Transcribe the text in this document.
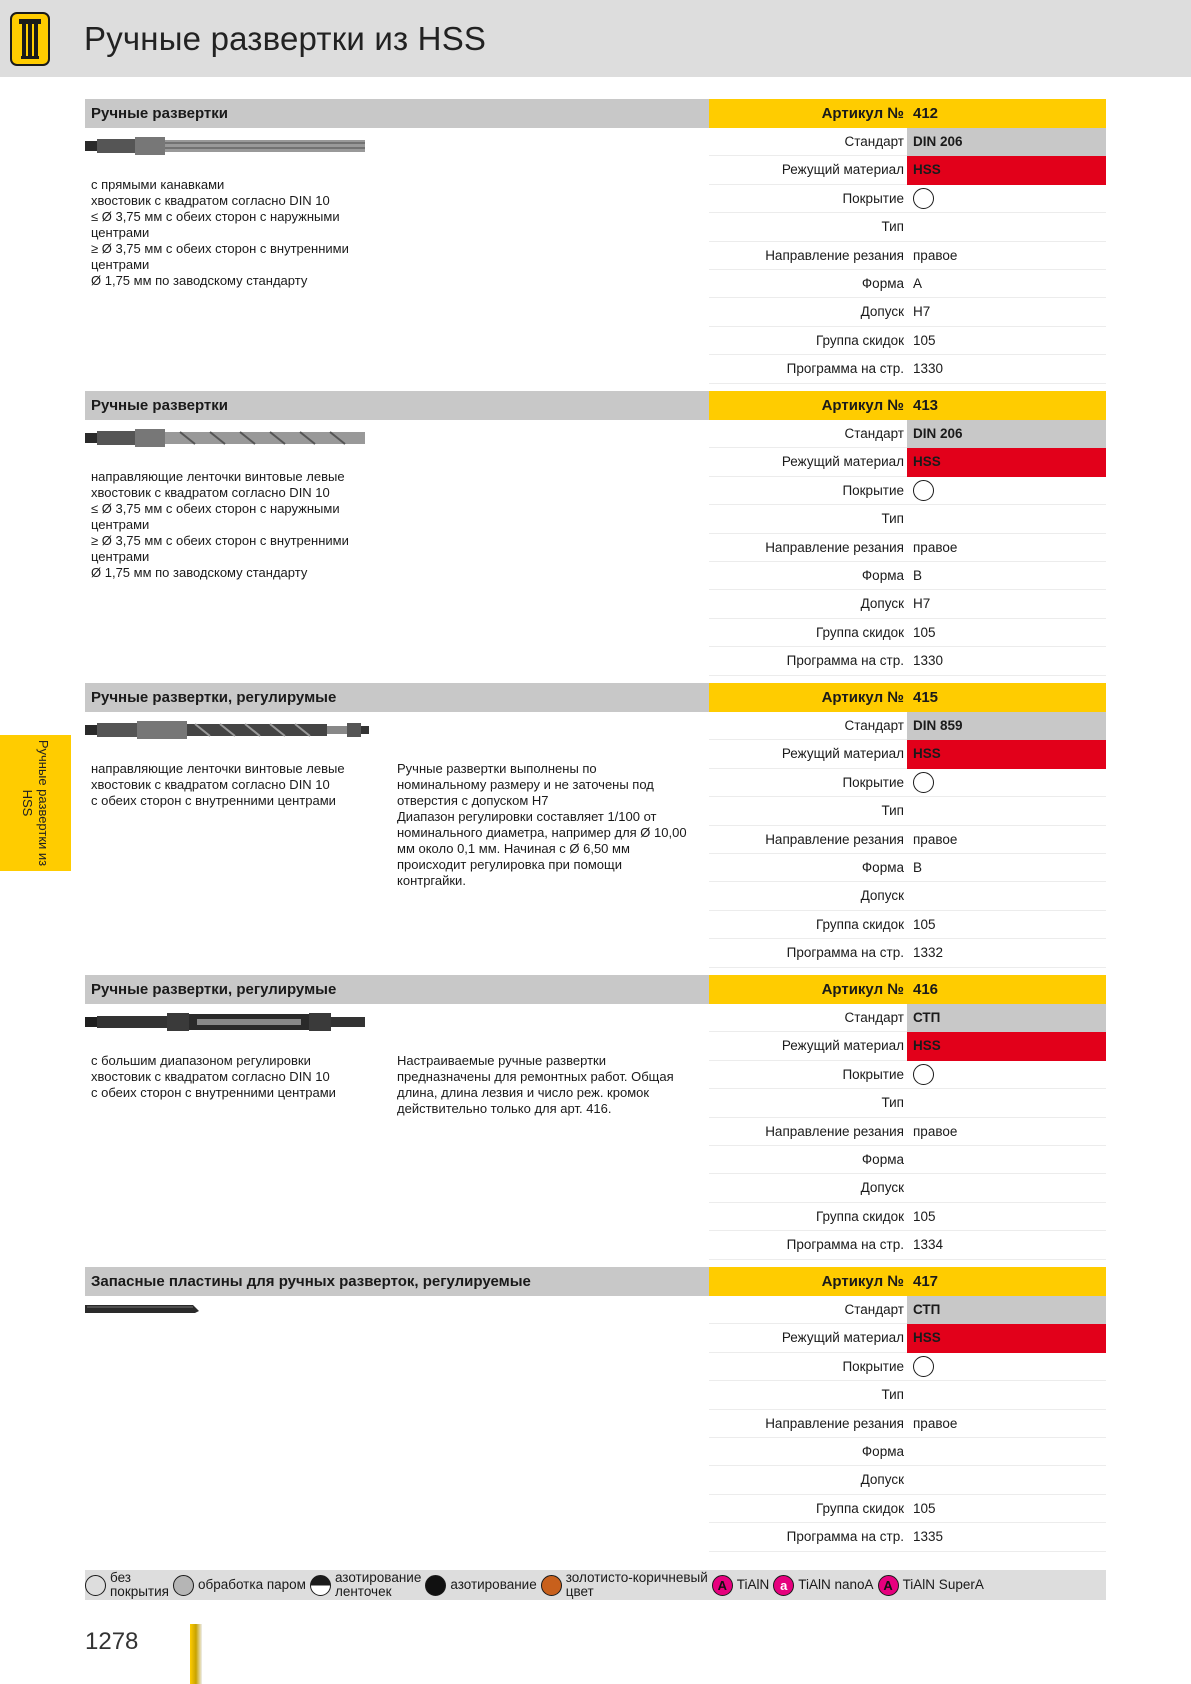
Ручные развертки из HSS
Ручные развертки из HSS
Ручные развертки	Артикул № 412
с прямыми канавками
хвостовик с квадратом согласно DIN 10
≤ Ø 3,75 мм с обеих сторон с наружными центрами
≥ Ø 3,75 мм с обеих сторон с внутренними центрами
Ø 1,75 мм по заводскому стандарту
Стандарт DIN 206
Режущий материал HSS
Покрытие
Тип
Направление резания правое
Форма A
Допуск H7
Группа скидок 105
Программа на стр. 1330
Ручные развертки	Артикул № 413
направляющие ленточки винтовые левые
хвостовик с квадратом согласно DIN 10
≤ Ø 3,75 мм с обеих сторон с наружными центрами
≥ Ø 3,75 мм с обеих сторон с внутренними центрами
Ø 1,75 мм по заводскому стандарту
Стандарт DIN 206
Режущий материал HSS
Покрытие
Тип
Направление резания правое
Форма B
Допуск H7
Группа скидок 105
Программа на стр. 1330
Ручные развертки, регулирумые	Артикул № 415
направляющие ленточки винтовые левые
хвостовик с квадратом согласно DIN 10
с обеих сторон с внутренними центрами
Ручные развертки выполнены по номинальному размеру и не заточены под отверстия с допуском H7
Диапазон регулировки составляет 1/100 от номинального диаметра, например для Ø 10,00 мм около 0,1 мм. Начиная с Ø 6,50 мм происходит регулировка при помощи контргайки.
Стандарт DIN 859
Режущий материал HSS
Покрытие
Тип
Направление резания правое
Форма B
Допуск
Группа скидок 105
Программа на стр. 1332
Ручные развертки, регулирумые	Артикул № 416
с большим диапазоном регулировки
хвостовик с квадратом согласно DIN 10
с обеих сторон с внутренними центрами
Настраиваемые ручные развертки предназначены для ремонтных работ. Общая длина, длина лезвия и число реж. кромок действительно только для арт. 416.
Стандарт СТП
Режущий материал HSS
Покрытие
Тип
Направление резания правое
Форма
Допуск
Группа скидок 105
Программа на стр. 1334
Запасные пластины для ручных разверток, регулируемые	Артикул № 417
Стандарт СТП
Режущий материал HSS
Покрытие
Тип
Направление резания правое
Форма
Допуск
Группа скидок 105
Программа на стр. 1335
без
покрытия обработка паром азотирование
ленточек	азотирование золотисто-коричневый
цвет	A TiAlN a TiAlN nanoA A TiAlN SuperA
1278
